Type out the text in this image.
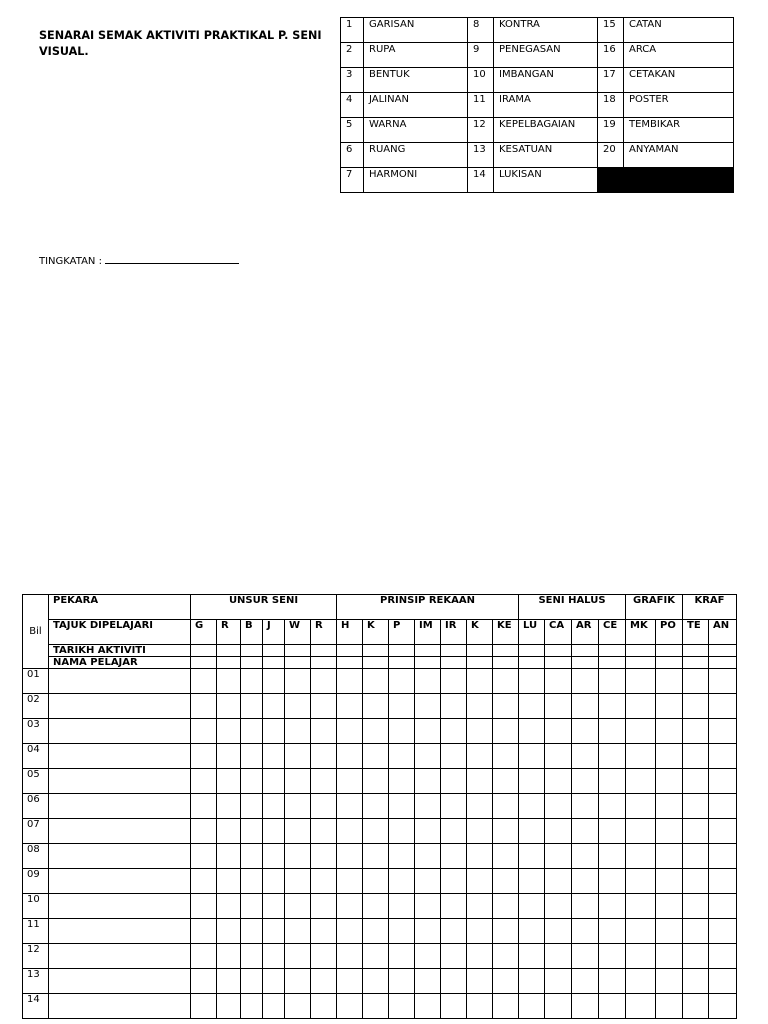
SENARAI SEMAK AKTIVITI PRAKTIKAL P. SENI VISUAL.
1	GARISAN	8	KONTRA	15	CATAN
2	RUPA	9	PENEGASAN	16	ARCA
3	BENTUK	10	IMBANGAN	17	CETAKAN
4	JALINAN	11	IRAMA	18	POSTER
5	WARNA	12	KEPELBAGAIAN	19	TEMBIKAR
6	RUANG	13	KESATUAN	20	ANYAMAN
7	HARMONI	14	LUKISAN		
TINGKATAN :
Bil	PEKARA	UNSUR SENI						PRINSIP REKAAN							SENI HALUS				GRAFIK		KRAF	
	TAJUK DIPELAJARI	G	R	B	J	W	R	H	K	P	IM	IR	K	KE	LU	CA	AR	CE	MK	PO	TE	AN
	TARIKH AKTIVITI																					
	NAMA PELAJAR																					
01																						
02																						
03																						
04																						
05																						
06																						
07																						
08																						
09																						
10																						
11																						
12																						
13																						
14																						
